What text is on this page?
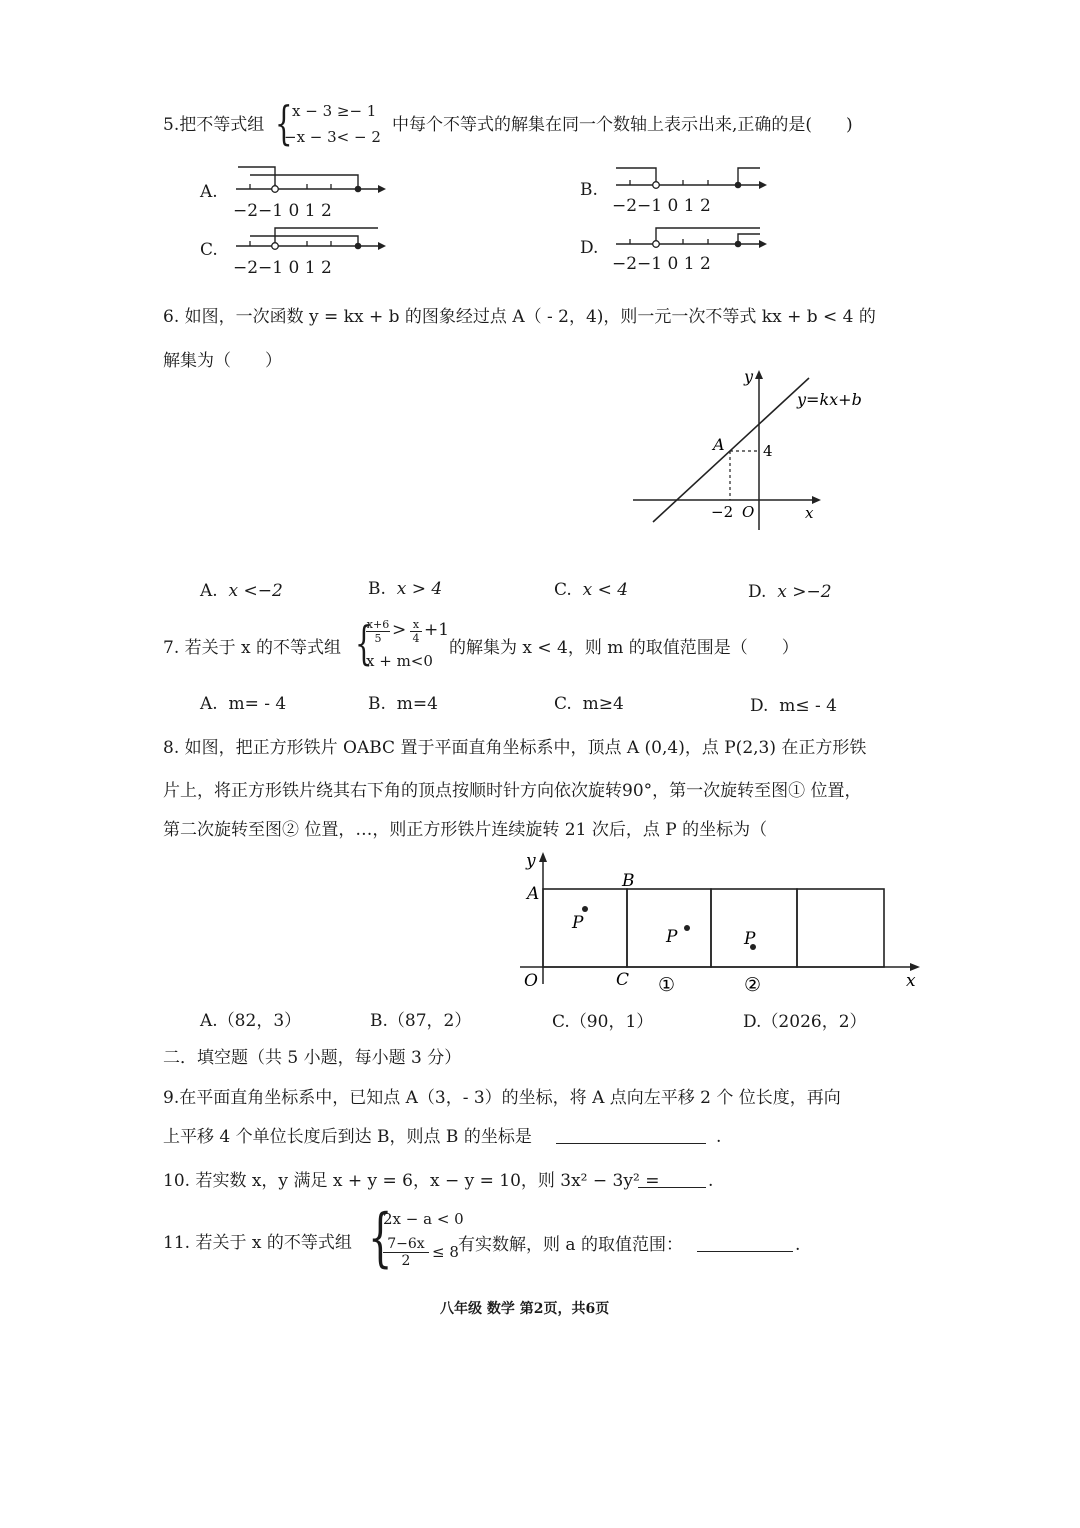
5.把不等式组 { x − 3 ≥− 1
−x − 3< − 2
中每个不等式的解集在同一个数轴上表示出来,正确的是(　　)
A.
−2−1 0 1 2
B.
−2−1 0 1 2
C.
−2−1 0 1 2
D.
−2−1 0 1 2
6. 如图，一次函数 y = kx + b 的图象经过点 A（ - 2，4)，则一元一次不等式 kx + b < 4 的
解集为（　　）
y
y=kx+b
A	4
−2 O	x
A. x <−2	B. x > 4	C. x < 4	D. x >−2
7. 若关于 x 的不等式组 {
$\frac{x+6}{5} > \frac{x}{4} +1$
x + m<0
的解集为 x < 4，则 m 的取值范围是（　　）
A. m= - 4	B. m=4	C. m≥4	D. m≤ - 4
8. 如图，把正方形铁片 OABC 置于平面直角坐标系中，顶点 A (0,4)，点 P(2,3) 在正方形铁
片上，将正方形铁片绕其右下角的顶点按顺时针方向依次旋转90°，第一次旋转至图① 位置，
第二次旋转至图② 位置，…，则正方形铁片连续旋转 21 次后，点 P 的坐标为（
y
A
B
P
P	P
O	C ①	②	x
A.（82，3）	B.（87，2）	C.（90，1）	D.（2026，2）
二．填空题（共 5 小题，每小题 3 分）
9.在平面直角坐标系中，已知点 A（3，- 3）的坐标，将 A 点向左平移 2 个 位长度，再向
上平移 4 个单位长度后到达 B，则点 B 的坐标是	.
10. 若实数 x，y 满足 x + y = 6，x − y = 10，则 3x² − 3y² =	.
11. 若关于 x 的不等式组 {
2x − a < 0
$\frac{7-6x}{2} \le 8$ 有实数解，则 a 的取值范围：	.
八年级 数学 第2页，共6页
